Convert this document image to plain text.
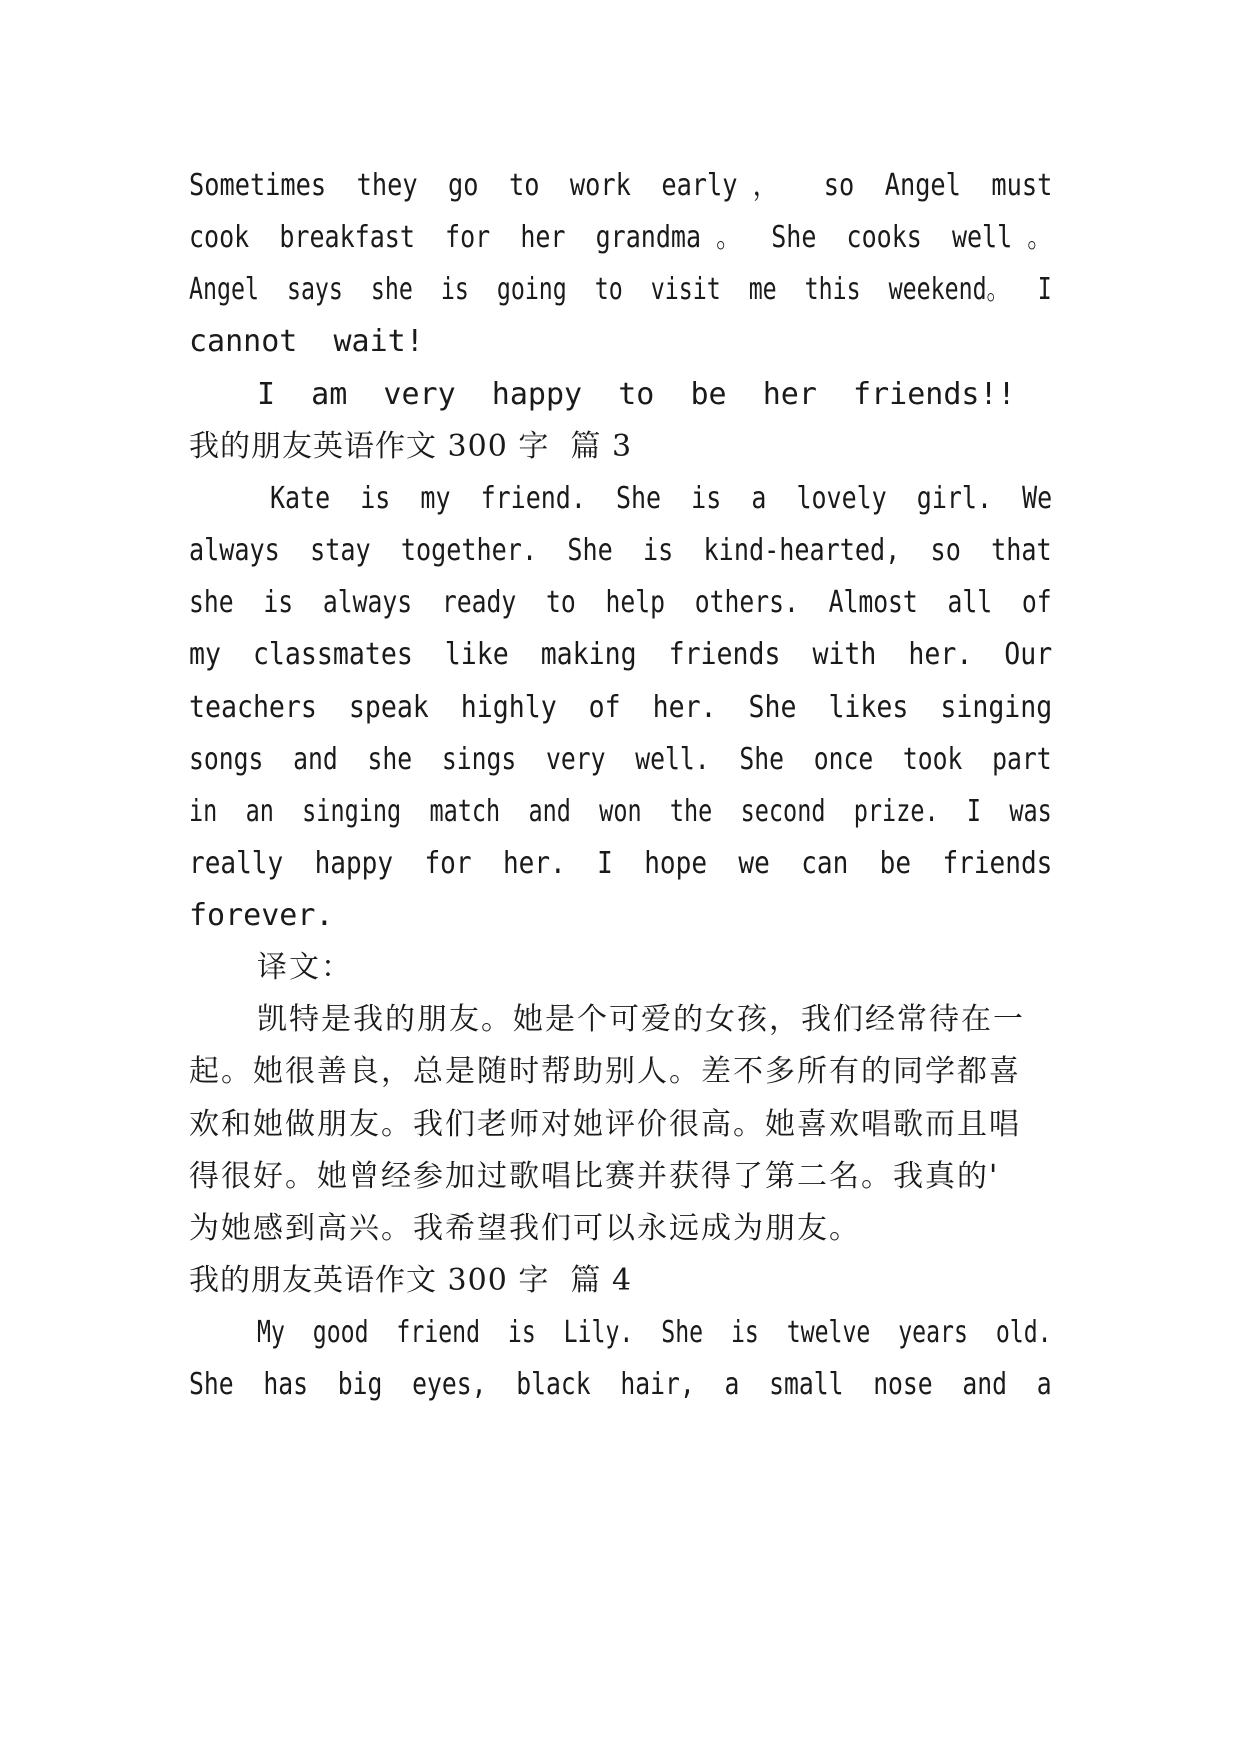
Sometimes  they  go  to  work  early ，   so  Angel  must
cook  breakfast  for  her  grandma 。  She  cooks  well 。
Angel  says  she  is  going  to  visit  me  this  weekend。  I
cannot  wait!
I  am  very  happy  to  be  her  friends!!
我的朋友英语作文 300 字  篇 3
Kate  is  my  friend.  She  is  a  lovely  girl.  We
always  stay  together.  She  is  kind-hearted,  so  that
she  is  always  ready  to  help  others.  Almost  all  of
my  classmates  like  making  friends  with  her.  Our
teachers  speak  highly  of  her.  She  likes  singing
songs  and  she  sings  very  well.  She  once  took  part
in  an  singing  match  and  won  the  second  prize.  I  was
really  happy  for  her.  I  hope  we  can  be  friends
forever.
译文：
凯特是我的朋友。她是个可爱的女孩，我们经常待在一
起。她很善良，总是随时帮助别人。差不多所有的同学都喜
欢和她做朋友。我们老师对她评价很高。她喜欢唱歌而且唱
得很好。她曾经参加过歌唱比赛并获得了第二名。我真的'
为她感到高兴。我希望我们可以永远成为朋友。
我的朋友英语作文 300 字  篇 4
My  good  friend  is  Lily.  She  is  twelve  years  old.
She  has  big  eyes,  black  hair,  a  small  nose  and  a
